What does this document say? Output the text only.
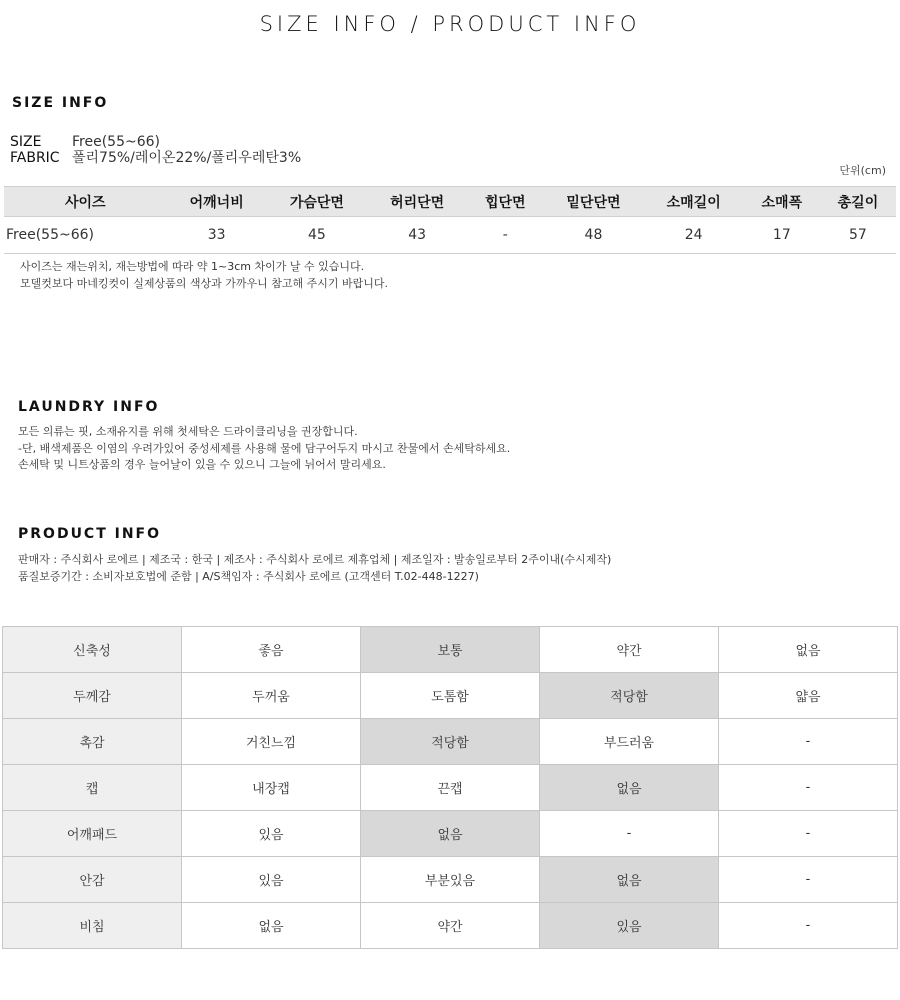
SIZE INFO / PRODUCT INFO
SIZE INFO
SIZE	Free(55~66)
FABRIC 폴리75%/레이온22%/폴리우레탄3%
단위(cm)
사이즈	어깨너비	가슴단면	허리단면	힙단면	밑단단면	소매길이	소매폭	총길이
Free(55~66)	33	45	43	-	48	24	17	57
사이즈는 재는위치, 재는방법에 따라 약 1~3cm 차이가 날 수 있습니다.
모델컷보다 마네킹컷이 실제상품의 색상과 가까우니 참고해 주시기 바랍니다.
LAUNDRY INFO
모든 의류는 핏, 소재유지를 위해 첫세탁은 드라이클리닝을 권장합니다.
-단, 배색제품은 이염의 우려가있어 중성세제를 사용해 물에 담구어두지 마시고 찬물에서 손세탁하세요.
손세탁 및 니트상품의 경우 늘어날이 있을 수 있으니 그늘에 뉘어서 말리세요.
PRODUCT INFO
판매자 : 주식회사 로에르 | 제조국 : 한국 | 제조사 : 주식회사 로에르 제휴업체 | 제조일자 : 발송일로부터 2주이내(수시제작)
품질보증기간 : 소비자보호법에 준함 | A/S책임자 : 주식회사 로에르 (고객센터 T.02-448-1227)
신축성	좋음	보통	약간	없음
두께감	두꺼움	도톰함	적당함	얇음
촉감	거친느낌	적당함	부드러움	-
캡	내장캡	끈캡	없음	-
어깨패드	있음	없음	-	-
안감	있음	부분있음	없음	-
비침	없음	약간	있음	-
